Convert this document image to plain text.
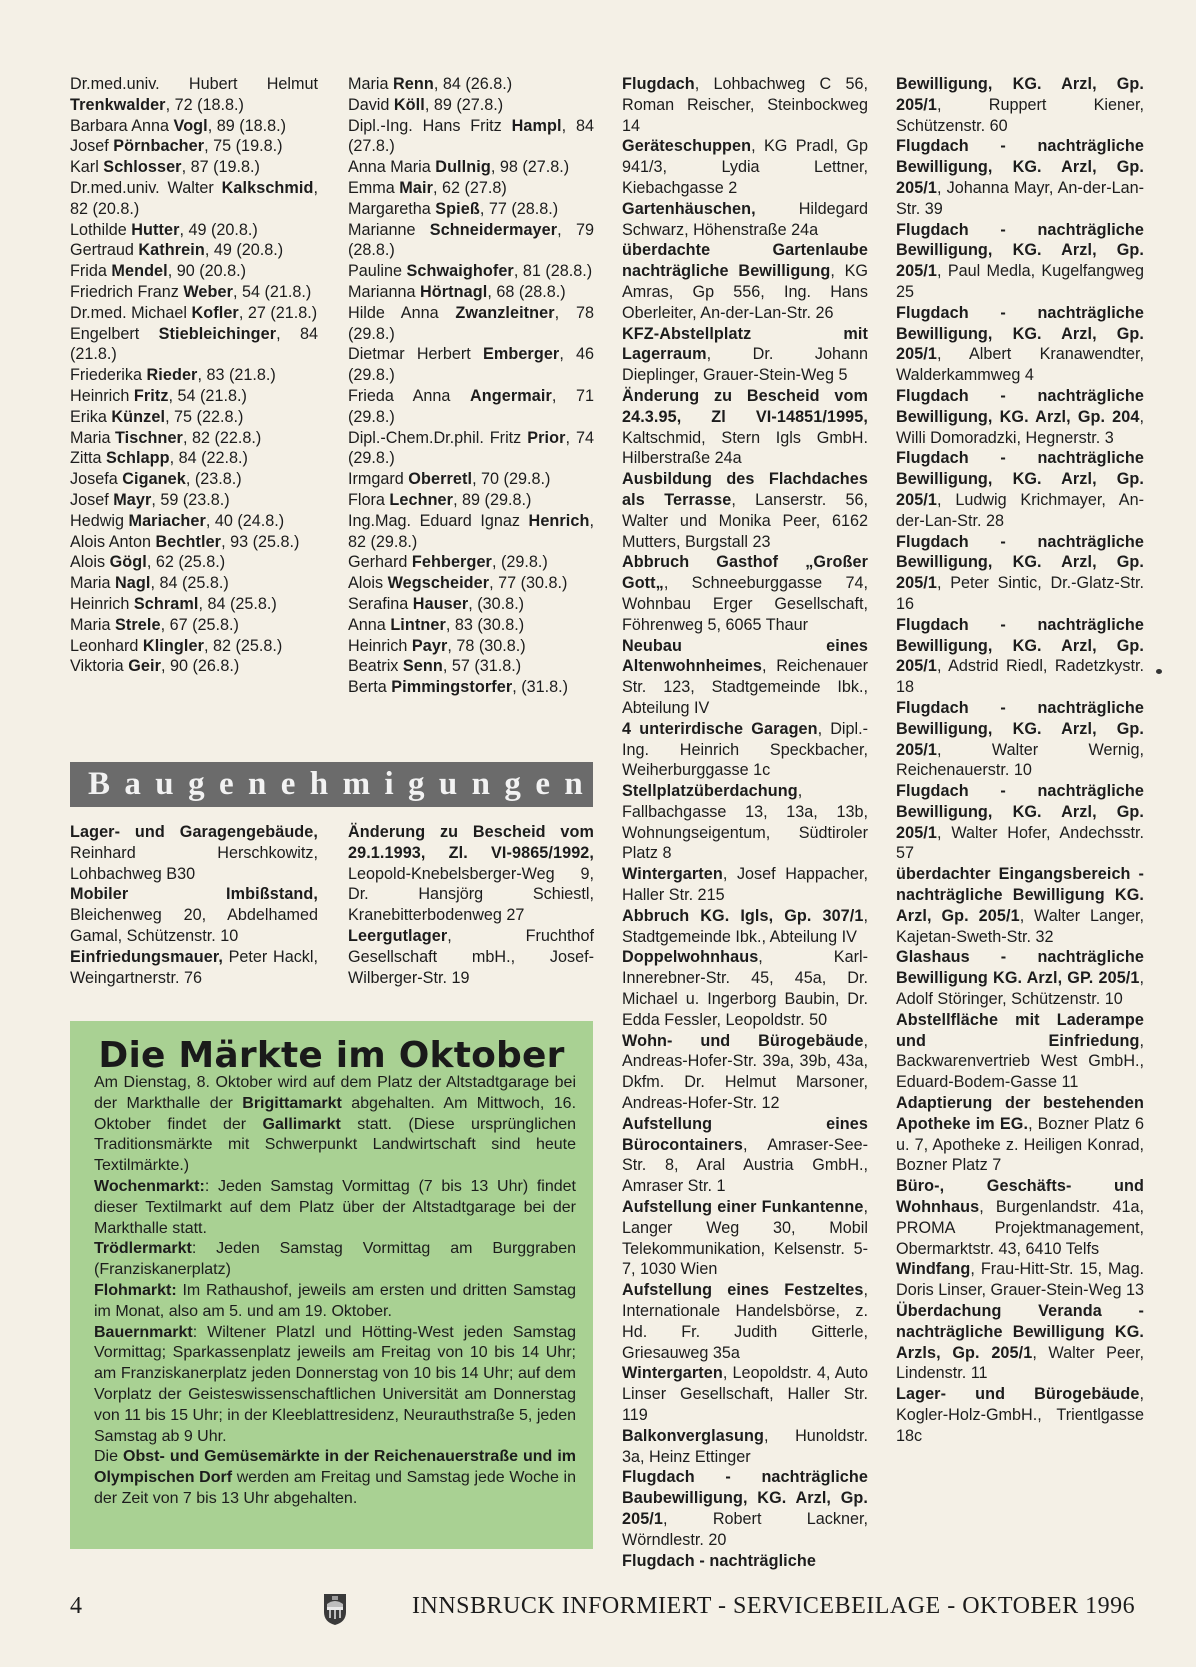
Dr.med.univ. Hubert Helmut Trenkwalder, 72 (18.8.)

Barbara Anna Vogl, 89 (18.8.)

Josef Pörnbacher, 75 (19.8.)

Karl Schlosser, 87 (19.8.)

Dr.med.univ. Walter Kalkschmid, 82 (20.8.)

Lothilde Hutter, 49 (20.8.)

Gertraud Kathrein, 49 (20.8.)

Frida Mendel, 90 (20.8.)

Friedrich Franz Weber, 54 (21.8.)

Dr.med. Michael Kofler, 27 (21.8.)

Engelbert Stiebleichinger, 84 (21.8.)

Friederika Rieder, 83 (21.8.)

Heinrich Fritz, 54 (21.8.)

Erika Künzel, 75 (22.8.)

Maria Tischner, 82 (22.8.)

Zitta Schlapp, 84 (22.8.)

Josefa Ciganek, (23.8.)

Josef Mayr, 59 (23.8.)

Hedwig Mariacher, 40 (24.8.)

Alois Anton Bechtler, 93 (25.8.)

Alois Gögl, 62 (25.8.)

Maria Nagl, 84 (25.8.)

Heinrich Schraml, 84 (25.8.)

Maria Strele, 67 (25.8.)

Leonhard Klingler, 82 (25.8.)

Viktoria Geir, 90 (26.8.)

Maria Renn, 84 (26.8.)

David Köll, 89 (27.8.)

Dipl.-Ing. Hans Fritz Hampl, 84 (27.8.)

Anna Maria Dullnig, 98 (27.8.)

Emma Mair, 62 (27.8)

Margaretha Spieß, 77 (28.8.)

Marianne Schneidermayer, 79 (28.8.)

Pauline Schwaighofer, 81 (28.8.)

Marianna Hörtnagl, 68 (28.8.)

Hilde Anna Zwanzleitner, 78 (29.8.)

Dietmar Herbert Emberger, 46 (29.8.)

Frieda Anna Angermair, 71 (29.8.)

Dipl.-Chem.Dr.phil. Fritz Prior, 74 (29.8.)

Irmgard Oberretl, 70 (29.8.)

Flora Lechner, 89 (29.8.)

Ing.Mag. Eduard Ignaz Henrich, 82 (29.8.)

Gerhard Fehberger, (29.8.)

Alois Wegscheider, 77 (30.8.)

Serafina Hauser, (30.8.)

Anna Lintner, 83 (30.8.)

Heinrich Payr, 78 (30.8.)

Beatrix Senn, 57 (31.8.)

Berta Pimmingstorfer, (31.8.)

Baugenehmigungen

Lager- und Garagengebäude, Reinhard Herschkowitz, Lohbachweg B30

Mobiler Imbißstand, Bleichenweg 20, Abdelhamed Gamal, Schützenstr. 10

Einfriedungsmauer, Peter Hackl, Weingartnerstr. 76

Änderung zu Bescheid vom 29.1.1993, Zl. VI-9865/1992, Leopold-Knebelsberger-Weg 9, Dr. Hansjörg Schiestl, Kranebitterbodenweg 27

Leergutlager, Fruchthof Gesellschaft mbH., Josef-Wilberger-Str. 19

Flugdach, Lohbachweg C 56, Roman Reischer, Steinbockweg 14

Geräteschuppen, KG Pradl, Gp 941/3, Lydia Lettner, Kiebachgasse 2

Gartenhäuschen, Hildegard Schwarz, Höhenstraße 24a

überdachte Gartenlaube nachträgliche Bewilligung, KG Amras, Gp 556, Ing. Hans Oberleiter, An-der-Lan-Str. 26

KFZ-Abstellplatz mit Lagerraum, Dr. Johann Dieplinger, Grauer-Stein-Weg 5

Änderung zu Bescheid vom 24.3.95, Zl VI-14851/1995, Kaltschmid, Stern Igls GmbH. Hilberstraße 24a

Ausbildung des Flachdaches als Terrasse, Lanserstr. 56, Walter und Monika Peer, 6162 Mutters, Burgstall 23

Abbruch Gasthof „Großer Gott„, Schneeburggasse 74, Wohnbau Erger Gesellschaft, Föhrenweg 5, 6065 Thaur

Neubau eines Altenwohnheimes, Reichenauer Str. 123, Stadtgemeinde Ibk., Abteilung IV

4 unterirdische Garagen, Dipl.-Ing. Heinrich Speckbacher, Weiherburggasse 1c

Stellplatzüberdachung, Fallbachgasse 13, 13a, 13b, Wohnungseigentum, Südtiroler Platz 8

Wintergarten, Josef Happacher, Haller Str. 215

Abbruch KG. Igls, Gp. 307/1, Stadtgemeinde Ibk., Abteilung IV

Doppelwohnhaus, Karl-Innerebner-Str. 45, 45a, Dr. Michael u. Ingerborg Baubin, Dr. Edda Fessler, Leopoldstr. 50

Wohn- und Bürogebäude, Andreas-Hofer-Str. 39a, 39b, 43a, Dkfm. Dr. Helmut Marsoner, Andreas-Hofer-Str. 12

Aufstellung eines Bürocontainers, Amraser-See-Str. 8, Aral Austria GmbH., Amraser Str. 1

Aufstellung einer Funkantenne, Langer Weg 30, Mobil Telekommunikation, Kelsenstr. 5-7, 1030 Wien

Aufstellung eines Festzeltes, Internationale Handelsbörse, z. Hd. Fr. Judith Gitterle, Griesauweg 35a

Wintergarten, Leopoldstr. 4, Auto Linser Gesellschaft, Haller Str. 119

Balkonverglasung, Hunoldstr. 3a, Heinz Ettinger

Flugdach - nachträgliche Baubewilligung, KG. Arzl, Gp. 205/1, Robert Lackner, Wörndlestr. 20

Flugdach - nachträgliche

Bewilligung, KG. Arzl, Gp. 205/1, Ruppert Kiener, Schützenstr. 60

Flugdach - nachträgliche Bewilligung, KG. Arzl, Gp. 205/1, Johanna Mayr, An-der-Lan-Str. 39

Flugdach - nachträgliche Bewilligung, KG. Arzl, Gp. 205/1, Paul Medla, Kugelfangweg 25

Flugdach - nachträgliche Bewilligung, KG. Arzl, Gp. 205/1, Albert Kranawendter, Walderkammweg 4

Flugdach - nachträgliche Bewilligung, KG. Arzl, Gp. 204, Willi Domoradzki, Hegnerstr. 3

Flugdach - nachträgliche Bewilligung, KG. Arzl, Gp. 205/1, Ludwig Krichmayer, An-der-Lan-Str. 28

Flugdach - nachträgliche Bewilligung, KG. Arzl, Gp. 205/1, Peter Sintic, Dr.-Glatz-Str. 16

Flugdach - nachträgliche Bewilligung, KG. Arzl, Gp. 205/1, Adstrid Riedl, Radetzkystr. 18

Flugdach - nachträgliche Bewilligung, KG. Arzl, Gp. 205/1, Walter Wernig, Reichenauerstr. 10

Flugdach - nachträgliche Bewilligung, KG. Arzl, Gp. 205/1, Walter Hofer, Andechsstr. 57

überdachter Eingangsbereich - nachträgliche Bewilligung KG. Arzl, Gp. 205/1, Walter Langer, Kajetan-Sweth-Str. 32

Glashaus - nachträgliche Bewilligung KG. Arzl, GP. 205/1, Adolf Störinger, Schützenstr. 10

Abstellfläche mit Laderampe und Einfriedung, Backwarenvertrieb West GmbH., Eduard-Bodem-Gasse 11

Adaptierung der bestehenden Apotheke im EG., Bozner Platz 6 u. 7, Apotheke z. Heiligen Konrad, Bozner Platz 7

Büro-, Geschäfts- und Wohnhaus, Burgenlandstr. 41a, PROMA Projektmanagement, Obermarktstr. 43, 6410 Telfs

Windfang, Frau-Hitt-Str. 15, Mag. Doris Linser, Grauer-Stein-Weg 13

Überdachung Veranda - nachträgliche Bewilligung KG. Arzls, Gp. 205/1, Walter Peer, Lindenstr. 11

Lager- und Bürogebäude, Kogler-Holz-GmbH., Trientlgasse 18c

Die Märkte im Oktober

Am Dienstag, 8. Oktober wird auf dem Platz der Altstadtgarage bei der Markthalle der Brigittamarkt abgehalten. Am Mittwoch, 16. Oktober findet der Gallimarkt statt. (Diese ursprünglichen Traditionsmärkte mit Schwerpunkt Landwirtschaft sind heute Textilmärkte.)

Wochenmarkt:: Jeden Samstag Vormittag (7 bis 13 Uhr) findet dieser Textilmarkt auf dem Platz über der Altstadtgarage bei der Markthalle statt.

Trödlermarkt: Jeden Samstag Vormittag am Burggraben (Franziskanerplatz)

Flohmarkt: Im Rathaushof, jeweils am ersten und dritten Samstag im Monat, also am 5. und am 19. Oktober.

Bauernmarkt: Wiltener Platzl und Hötting-West jeden Samstag Vormittag; Sparkassenplatz jeweils am Freitag von 10 bis 14 Uhr; am Franziskanerplatz jeden Donnerstag von 10 bis 14 Uhr; auf dem Vorplatz der Geisteswissenschaftlichen Universität am Donnerstag von 11 bis 15 Uhr; in der Kleeblattresidenz, Neurauthstraße 5, jeden Samstag ab 9 Uhr.

Die Obst- und Gemüsemärkte in der Reichenauerstraße und im Olympischen Dorf werden am Freitag und Samstag jede Woche in der Zeit von 7 bis 13 Uhr abgehalten.

4	INNSBRUCK INFORMIERT - SERVICEBEILAGE - OKTOBER 1996
